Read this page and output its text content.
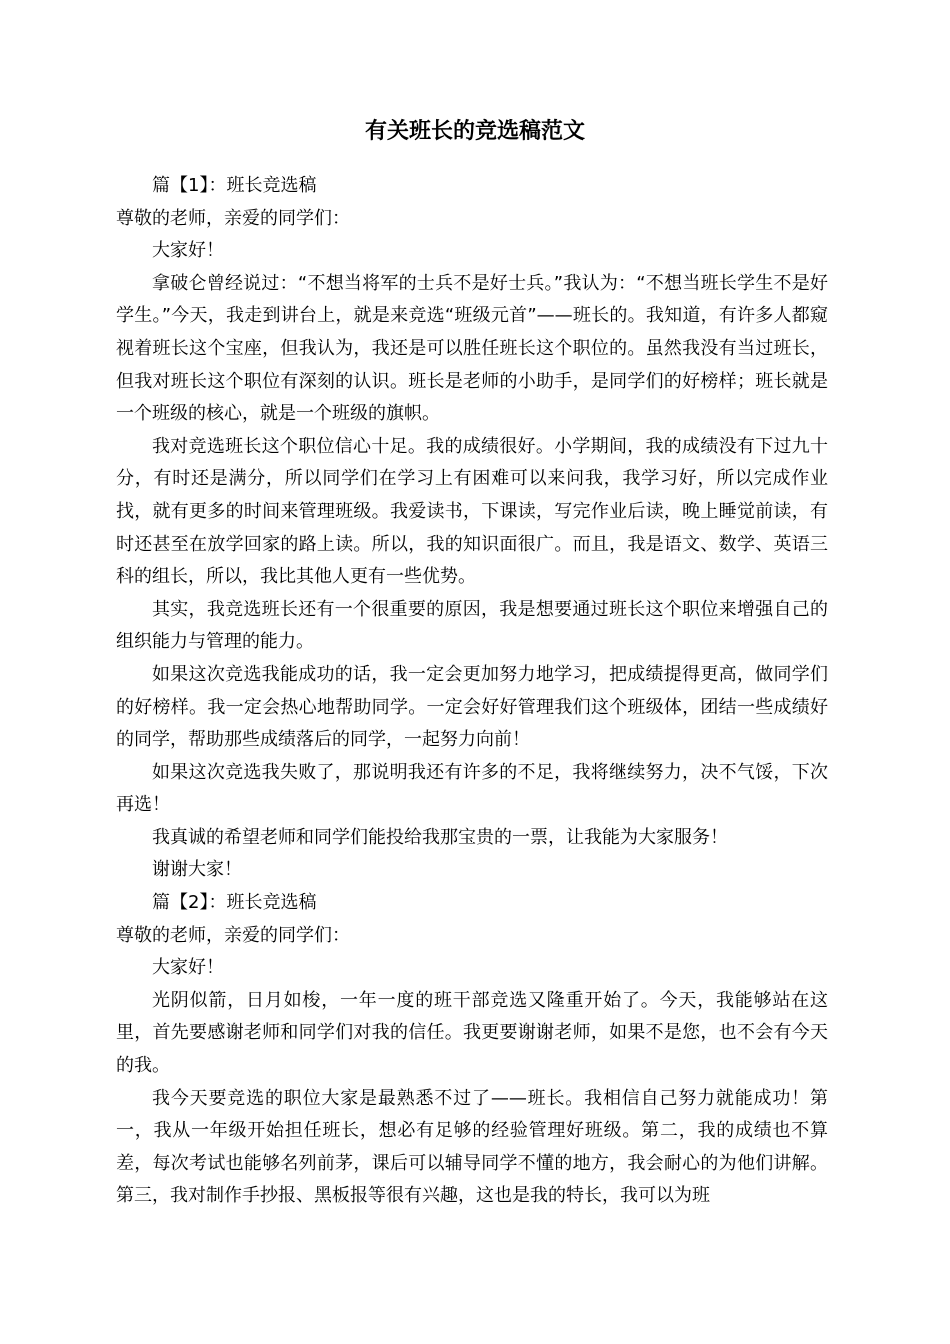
有关班长的竞选稿范文

篇【1】：班长竞选稿

尊敬的老师，亲爱的同学们：

大家好！

拿破仑曾经说过：“不想当将军的士兵不是好士兵。”我认为：“不想当班长学生不是好学生。”今天，我走到讲台上，就是来竞选“班级元首”——班长的。我知道，有许多人都窥视着班长这个宝座，但我认为，我还是可以胜任班长这个职位的。虽然我没有当过班长，但我对班长这个职位有深刻的认识。班长是老师的小助手，是同学们的好榜样；班长就是一个班级的核心，就是一个班级的旗帜。

我对竞选班长这个职位信心十足。我的成绩很好。小学期间，我的成绩没有下过九十分，有时还是满分，所以同学们在学习上有困难可以来问我，我学习好，所以完成作业找，就有更多的时间来管理班级。我爱读书，下课读，写完作业后读，晚上睡觉前读，有时还甚至在放学回家的路上读。所以，我的知识面很广。而且，我是语文、数学、英语三科的组长，所以，我比其他人更有一些优势。

其实，我竞选班长还有一个很重要的原因，我是想要通过班长这个职位来增强自己的组织能力与管理的能力。

如果这次竞选我能成功的话，我一定会更加努力地学习，把成绩提得更高，做同学们的好榜样。我一定会热心地帮助同学。一定会好好管理我们这个班级体，团结一些成绩好的同学，帮助那些成绩落后的同学，一起努力向前！

如果这次竞选我失败了，那说明我还有许多的不足，我将继续努力，决不气馁，下次再选！

我真诚的希望老师和同学们能投给我那宝贵的一票，让我能为大家服务！

谢谢大家！

篇【2】：班长竞选稿

尊敬的老师，亲爱的同学们：

大家好！

光阴似箭，日月如梭，一年一度的班干部竞选又隆重开始了。今天，我能够站在这里，首先要感谢老师和同学们对我的信任。我更要谢谢老师，如果不是您，也不会有今天的我。

我今天要竞选的职位大家是最熟悉不过了——班长。我相信自己努力就能成功！第一，我从一年级开始担任班长，想必有足够的经验管理好班级。第二，我的成绩也不算差，每次考试也能够名列前茅，课后可以辅导同学不懂的地方，我会耐心的为他们讲解。第三，我对制作手抄报、黑板报等很有兴趣，这也是我的特长，我可以为班
